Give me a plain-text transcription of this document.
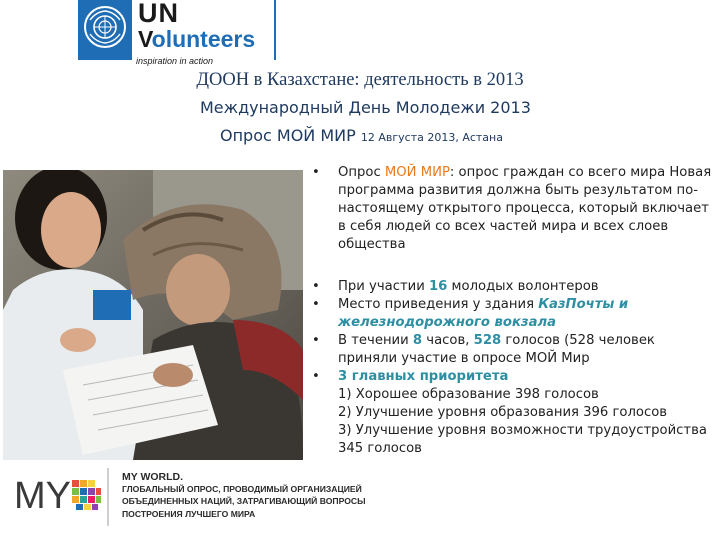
UN
Volunteers
inspiration in action
ДООН в Казахстане: деятельность в 2013
Международный День Молодежи 2013
Опрос МОЙ МИР 12 Августа 2013, Астана
• Опрос МОЙ МИР: опрос граждан со всего мира Новая программа развития должна быть результатом по-настоящему открытого процесса, который включает в себя людей со всех частей мира и всех слоев общества
• При участии 16 молодых волонтеров
• Место приведения у здания КазПочты и железнодорожного вокзала
• В течении 8 часов, 528 голосов (528 человек приняли участие в опросе МОЙ Мир
• 3 главных приоритета
1) Хорошее образование 398 голосов
2) Улучшение уровня образования 396 голосов
3) Улучшение уровня возможности трудоустройства 345 голосов
MY	MY WORLD.
ГЛОБАЛЬНЫЙ ОПРОС, ПРОВОДИМЫЙ ОРГАНИЗАЦИЕЙ
ОБЪЕДИНЕННЫХ НАЦИЙ, ЗАТРАГИВАЮЩИЙ ВОПРОСЫ
ПОСТРОЕНИЯ ЛУЧШЕГО МИРА
